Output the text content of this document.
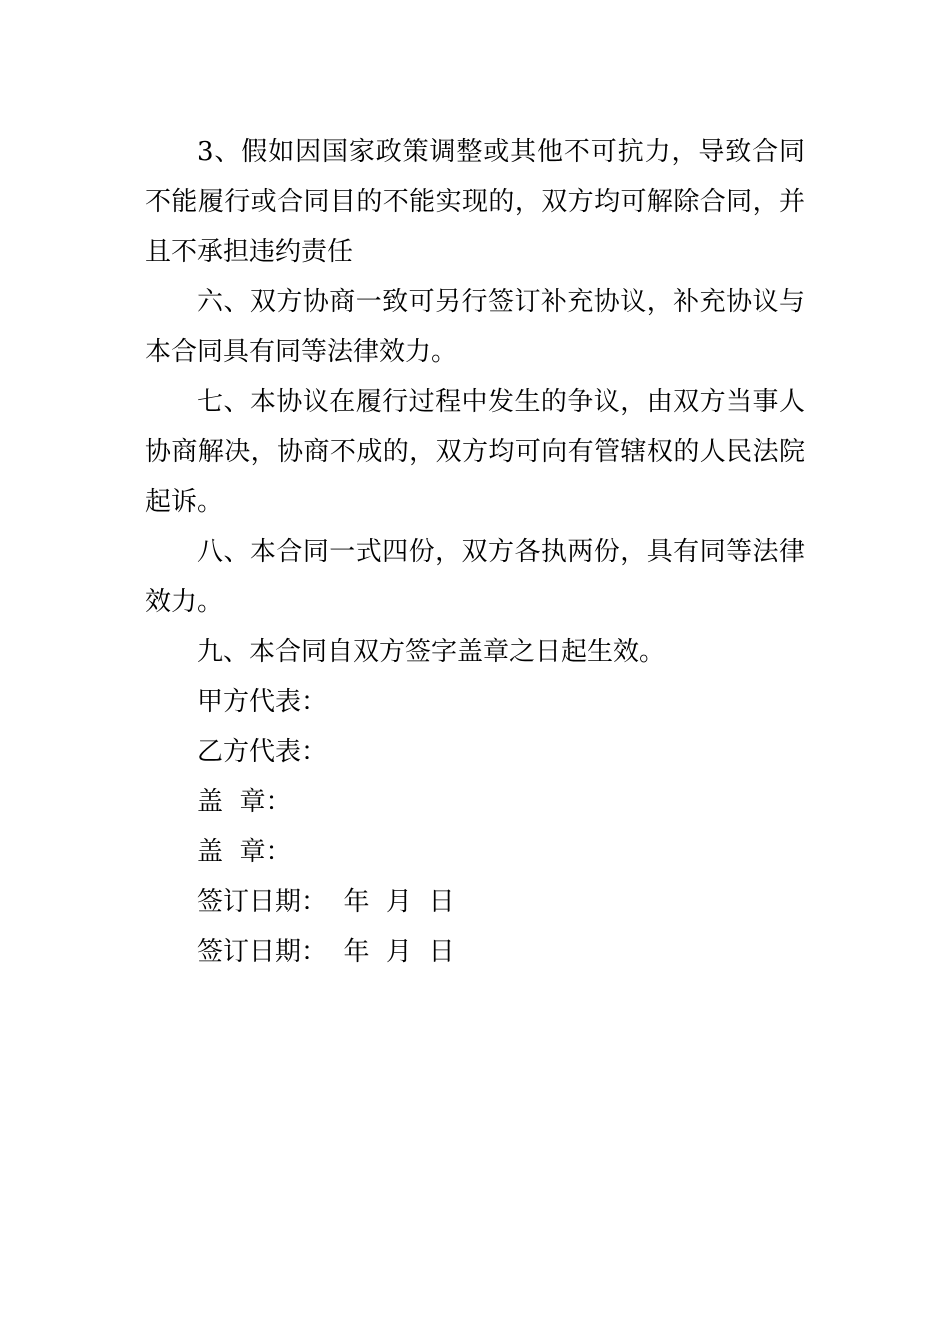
3、假如因国家政策调整或其他不可抗力，导致合同不能履行或合同目的不能实现的，双方均可解除合同，并且不承担违约责任

六、双方协商一致可另行签订补充协议，补充协议与本合同具有同等法律效力。

七、本协议在履行过程中发生的争议，由双方当事人协商解决，协商不成的，双方均可向有管辖权的人民法院起诉。

八、本合同一式四份，双方各执两份，具有同等法律效力。

九、本合同自双方签字盖章之日起生效。

甲方代表：

乙方代表：

盖  章：

盖  章：

签订日期：  年  月  日

签订日期：  年  月  日
